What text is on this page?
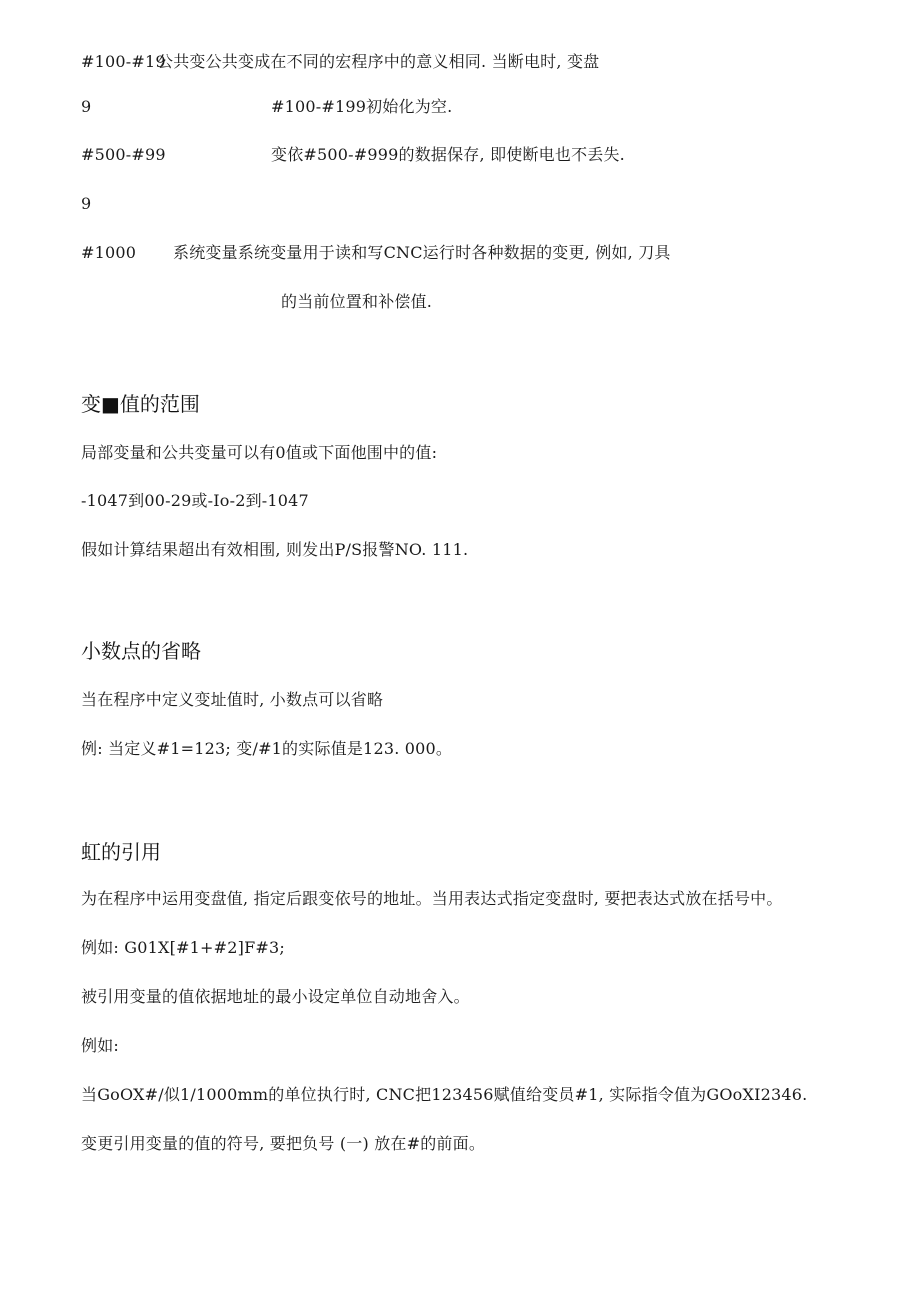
#100-#19
公共变公共变成在不同的宏程序中的意义相同. 当断电时, 变盘
9	#100-#199初始化为空.
#500-#99	变依#500-#999的数据保存, 即使断电也不丢失.
9
#1000 系统变量系统变量用于读和写CNC运行时各种数据的变更, 例如, 刀具
的当前位置和补偿值.
变■值的范围
局部变量和公共变量可以有0值或下面他围中的值:
-1047到00-29或-Io-2到-1047
假如计算结果超出有效相围, 则发出P/S报警NO. 111.
小数点的省略
当在程序中定义变址值时, 小数点可以省略
例: 当定义#1=123; 变/#1的实际值是123. 000。
虹的引用
为在程序中运用变盘值, 指定后跟变依号的地址。当用表达式指定变盘时, 要把表达式放在括号中。
例如: G01X[#1+#2]F#3;
被引用变量的值依据地址的最小设定单位自动地舍入。
例如:
当GoOX#/似1/1000mm的单位执行时, CNC把123456赋值给变员#1, 实际指令值为GOoXI2346.
变更引用变量的值的符号, 要把负号 (一) 放在#的前面。
